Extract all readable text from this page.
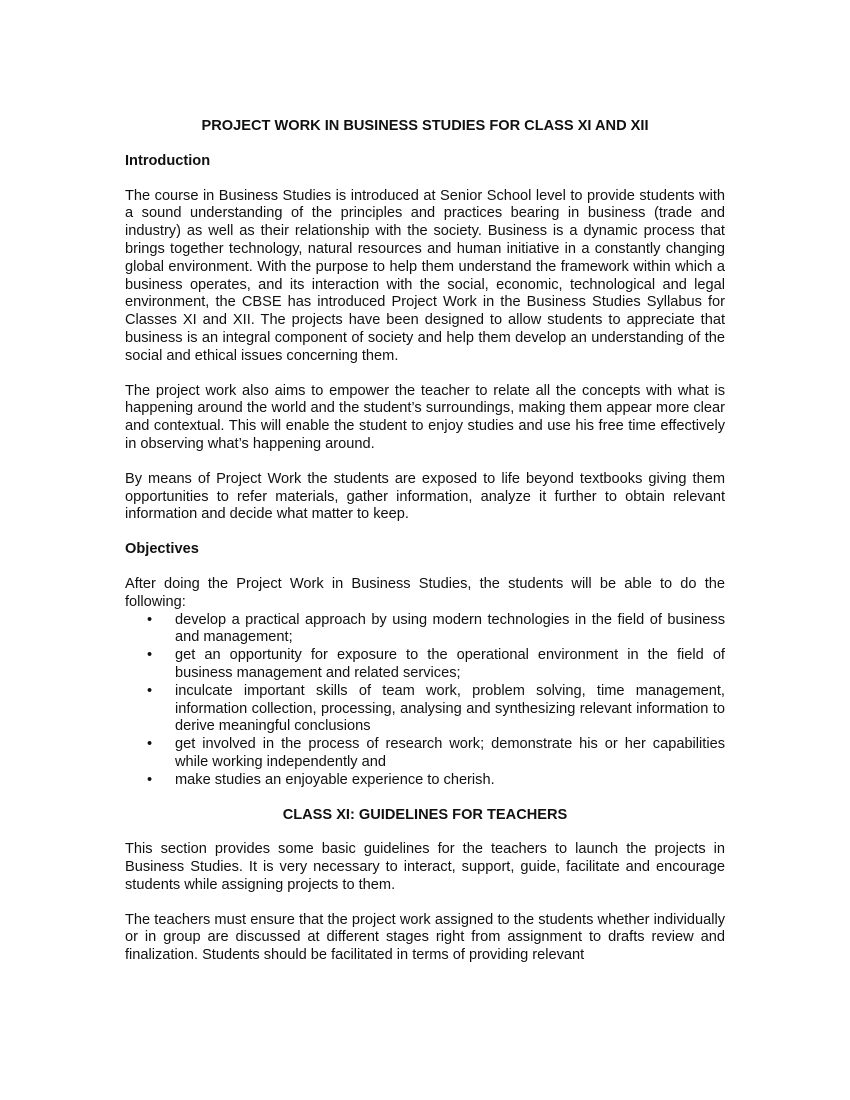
PROJECT WORK IN BUSINESS STUDIES FOR CLASS XI AND XII
Introduction

The course in Business Studies is introduced at Senior School level to provide students with a sound understanding of the principles and practices bearing in business (trade and industry) as well as their relationship with the society. Business is a dynamic process that brings together technology, natural resources and human initiative in a constantly changing global environment. With the purpose to help them understand the framework within which a business operates, and its interaction with the social, economic, technological and legal environment, the CBSE has introduced Project Work in the Business Studies Syllabus for Classes XI and XII. The projects have been designed to allow students to appreciate that business is an integral component of society and help them develop an understanding of the social and ethical issues concerning them.

The project work also aims to empower the teacher to relate all the concepts with what is happening around the world and the student’s surroundings, making them appear more clear and contextual. This will enable the student to enjoy studies and use his free time effectively in observing what’s happening around.

By means of Project Work the students are exposed to life beyond textbooks giving them opportunities to refer materials, gather information, analyze it further to obtain relevant information and decide what matter to keep.

Objectives

After doing the Project Work in Business Studies, the students will be able to do the following:

• develop a practical approach by using modern technologies in the field of business and management;
• get an opportunity for exposure to the operational environment in the field of business management and related services;
• inculcate important skills of team work, problem solving, time management, information collection, processing, analysing and synthesizing relevant information to derive meaningful conclusions
• get involved in the process of research work; demonstrate his or her capabilities while working independently and
• make studies an enjoyable experience to cherish.
CLASS XI: GUIDELINES FOR TEACHERS

This section provides some basic guidelines for the teachers to launch the projects in Business Studies. It is very necessary to interact, support, guide, facilitate and encourage students while assigning projects to them.

The teachers must ensure that the project work assigned to the students whether individually or in group are discussed at different stages right from assignment to drafts review and finalization. Students should be facilitated in terms of providing relevant
